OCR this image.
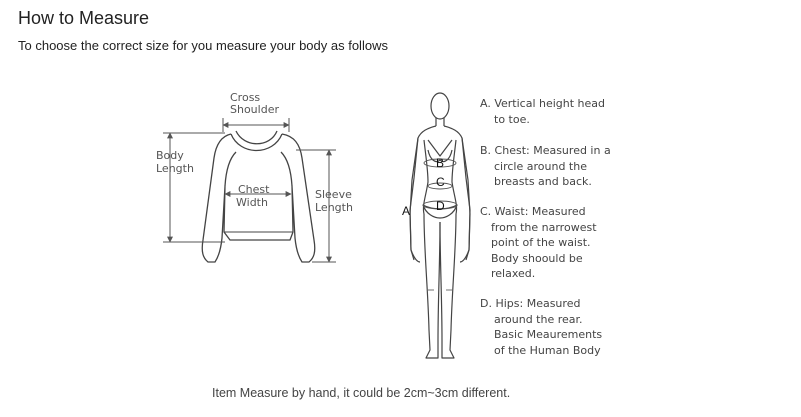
How to Measure
To choose the correct size for you measure your body as follows
Cross
Shoulder
Body
Length
Chest
Width
Sleeve
Length	A
B
C
D
A. Vertical height head
to toe.
B. Chest: Measured in a
circle around the
breasts and back.
C. Waist: Measured
from the narrowest
point of the waist.
Body shoould be
relaxed.
D. Hips: Measured
around the rear.
Basic Meaurements
of the Human Body
Item Measure by hand, it could be 2cm~3cm different.
